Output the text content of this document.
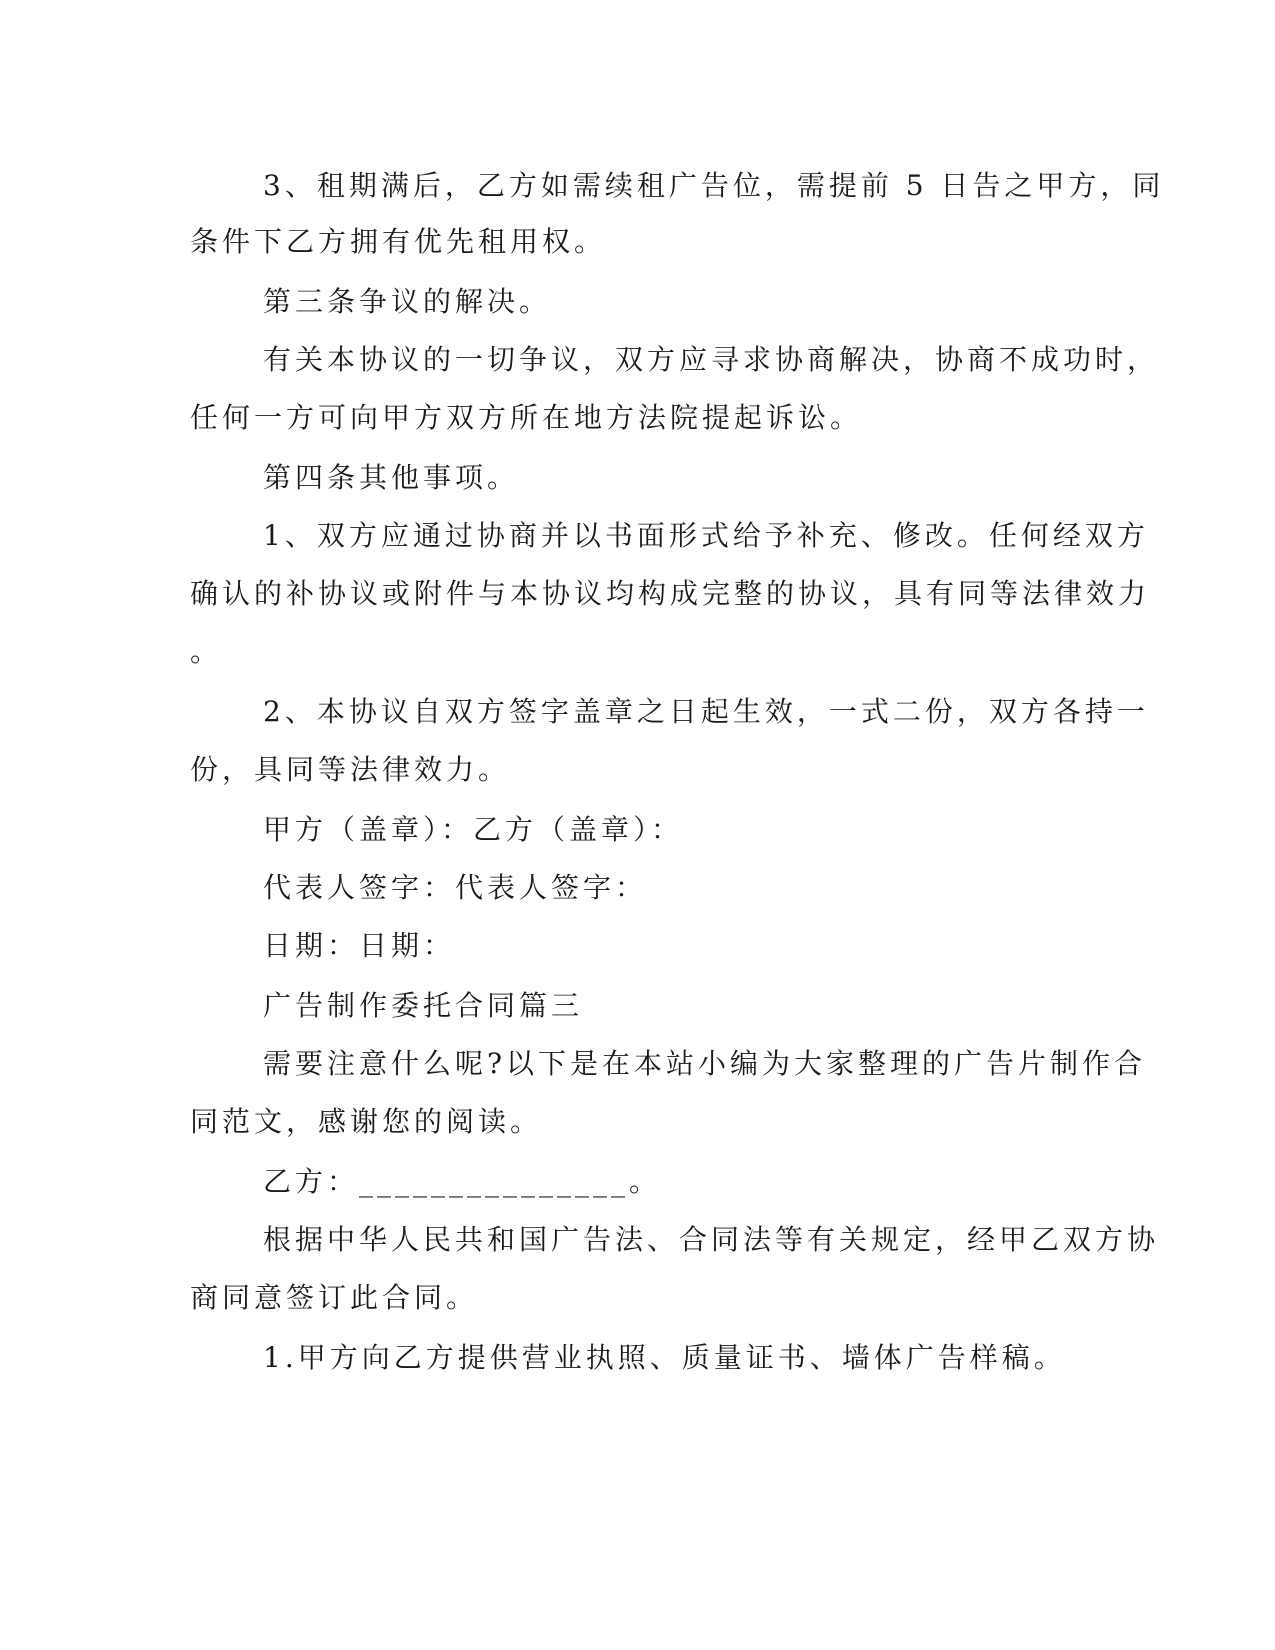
3、租期满后，乙方如需续租广告位，需提前 5 日告之甲方，同
条件下乙方拥有优先租用权。
第三条争议的解决。
有关本协议的一切争议，双方应寻求协商解决，协商不成功时，
任何一方可向甲方双方所在地方法院提起诉讼。
第四条其他事项。
1、双方应通过协商并以书面形式给予补充、修改。任何经双方
确认的补协议或附件与本协议均构成完整的协议，具有同等法律效力
。
2、本协议自双方签字盖章之日起生效，一式二份，双方各持一
份，具同等法律效力。
甲方（盖章）：乙方（盖章）：
代表人签字：代表人签字：
日期：日期：
广告制作委托合同篇三
需要注意什么呢?以下是在本站小编为大家整理的广告片制作合
同范文，感谢您的阅读。
乙方：_______________。
根据中华人民共和国广告法、合同法等有关规定，经甲乙双方协
商同意签订此合同。
1.甲方向乙方提供营业执照、质量证书、墙体广告样稿。
